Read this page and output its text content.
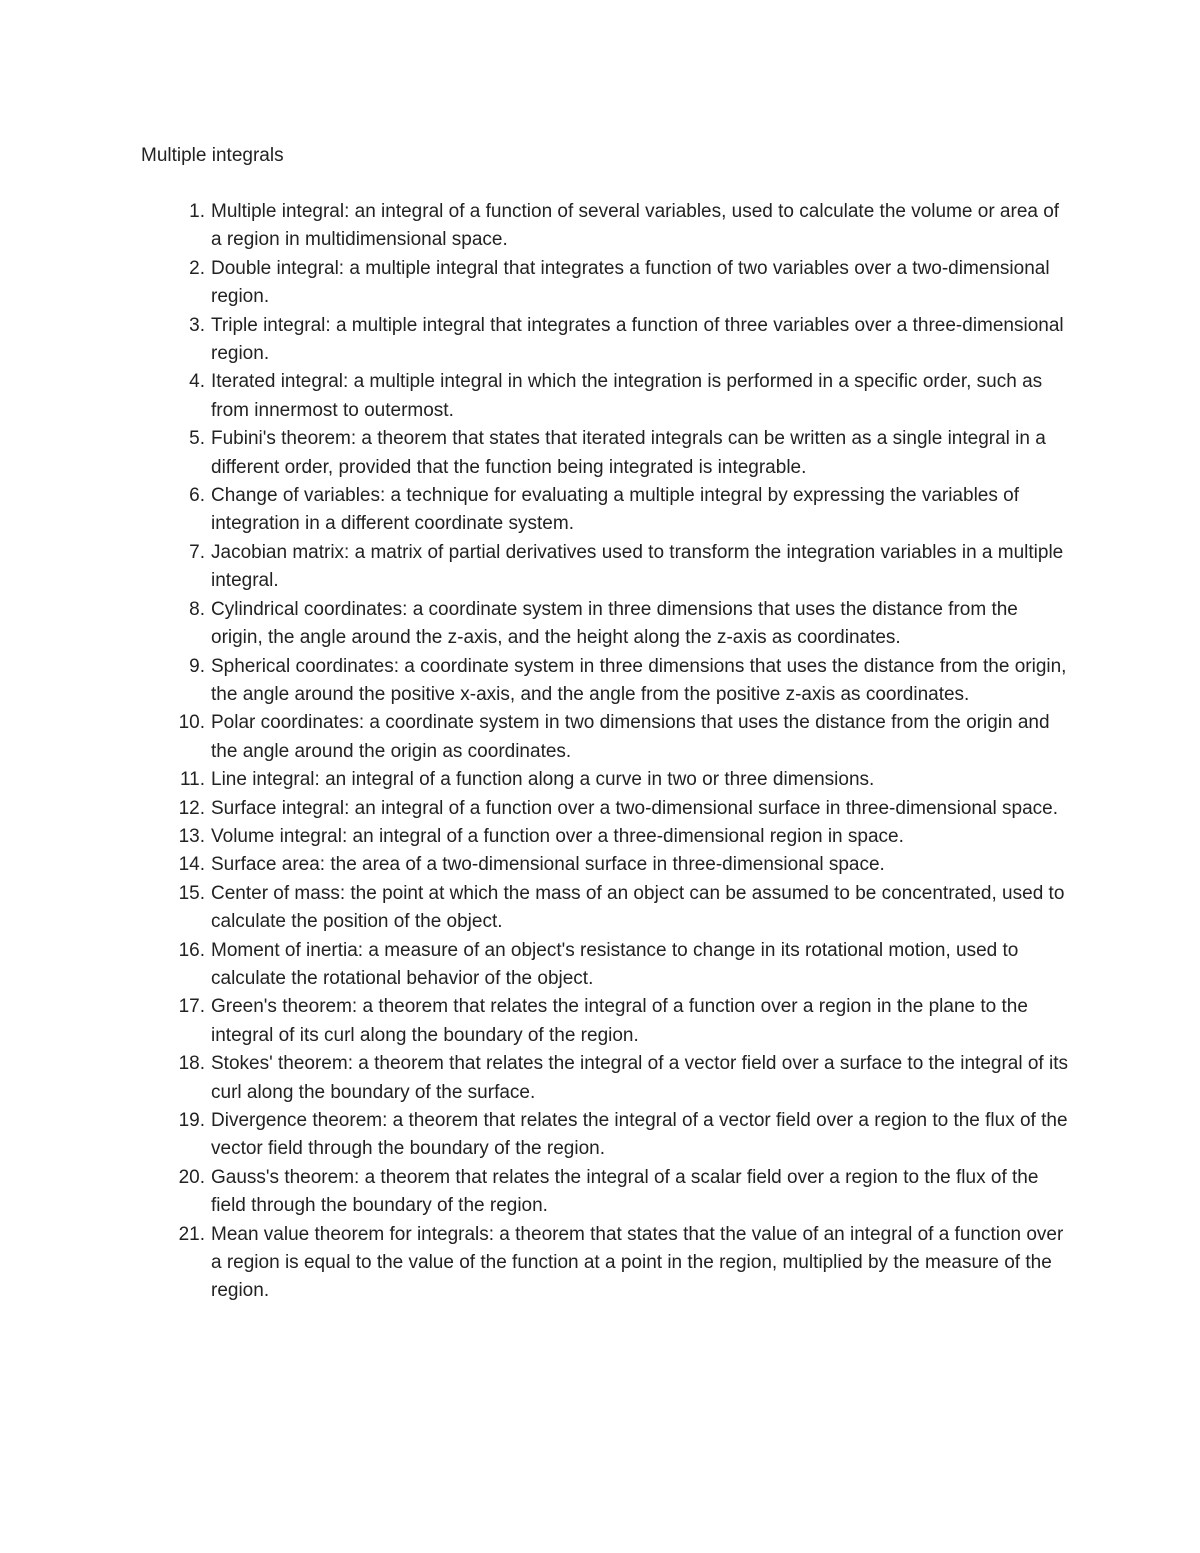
Multiple integrals
1. Multiple integral: an integral of a function of several variables, used to calculate the volume or area of a region in multidimensional space.
2. Double integral: a multiple integral that integrates a function of two variables over a two-dimensional region.
3. Triple integral: a multiple integral that integrates a function of three variables over a three-dimensional region.
4. Iterated integral: a multiple integral in which the integration is performed in a specific order, such as from innermost to outermost.
5. Fubini's theorem: a theorem that states that iterated integrals can be written as a single integral in a different order, provided that the function being integrated is integrable.
6. Change of variables: a technique for evaluating a multiple integral by expressing the variables of integration in a different coordinate system.
7. Jacobian matrix: a matrix of partial derivatives used to transform the integration variables in a multiple integral.
8. Cylindrical coordinates: a coordinate system in three dimensions that uses the distance from the origin, the angle around the z-axis, and the height along the z-axis as coordinates.
9. Spherical coordinates: a coordinate system in three dimensions that uses the distance from the origin, the angle around the positive x-axis, and the angle from the positive z-axis as coordinates.
10. Polar coordinates: a coordinate system in two dimensions that uses the distance from the origin and the angle around the origin as coordinates.
11. Line integral: an integral of a function along a curve in two or three dimensions.
12. Surface integral: an integral of a function over a two-dimensional surface in three-dimensional space.
13. Volume integral: an integral of a function over a three-dimensional region in space.
14. Surface area: the area of a two-dimensional surface in three-dimensional space.
15. Center of mass: the point at which the mass of an object can be assumed to be concentrated, used to calculate the position of the object.
16. Moment of inertia: a measure of an object's resistance to change in its rotational motion, used to calculate the rotational behavior of the object.
17. Green's theorem: a theorem that relates the integral of a function over a region in the plane to the integral of its curl along the boundary of the region.
18. Stokes' theorem: a theorem that relates the integral of a vector field over a surface to the integral of its curl along the boundary of the surface.
19. Divergence theorem: a theorem that relates the integral of a vector field over a region to the flux of the vector field through the boundary of the region.
20. Gauss's theorem: a theorem that relates the integral of a scalar field over a region to the flux of the field through the boundary of the region.
21. Mean value theorem for integrals: a theorem that states that the value of an integral of a function over a region is equal to the value of the function at a point in the region, multiplied by the measure of the region.
